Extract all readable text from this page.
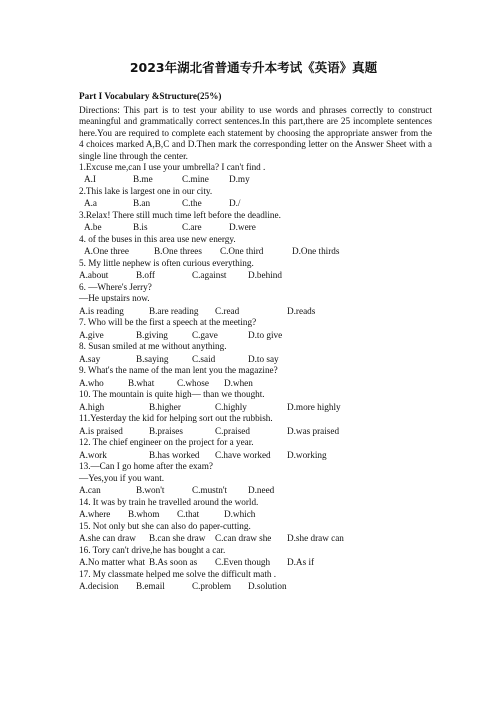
2023年湖北省普通专升本考试《英语》真题
Part I Vocabulary &Structure(25%)
Directions: This part is to test your ability to use words and phrases correctly to construct meaningful and grammatically correct sentences.In this part,there are 25 incomplete sentences here.You are required to complete each statement by choosing the appropriate answer from the 4 choices marked A,B,C and D.Then mark the corresponding letter on the Answer Sheet with a single line through the center.
1.Excuse me,can I use your umbrella? I can't find .
A.I	B.me	C.mine	D.my
2.This lake is largest one in our city.
A.a	B.an	C.the	D./
3.Relax! There still much time left before the deadline.
A.be	B.is	C.are	D.were
4. of the buses in this area use new energy.
A.One three	B.One threes	C.One third	D.One thirds
5. My little nephew is often curious everything.
A.about	B.off	C.against	D.behind
6. —Where's Jerry?
—He upstairs now.
A.is reading	B.are reading	C.read	D.reads
7. Who will be the first a speech at the meeting?
A.give	B.giving	C.gave	D.to give
8. Susan smiled at me without anything.
A.say	B.saying	C.said	D.to say
9. What's the name of the man lent you the magazine?
A.who	B.what	C.whose	D.when
10. The mountain is quite high— than we thought.
A.high	B.higher	C.highly	D.more highly
11.Yesterday the kid for helping sort out the rubbish.
A.is praised	B.praises	C.praised	D.was praised
12. The chief engineer on the project for a year.
A.work	B.has worked	C.have worked	D.working
13.—Can I go home after the exam?
—Yes,you if you want.
A.can	B.won't	C.mustn't	D.need
14. It was by train he travelled around the world.
A.where	B.whom	C.that	D.which
15. Not only but she can also do paper-cutting.
A.she can draw	B.can she draw	C.can draw she	D.she draw can
16. Tory can't drive,he has bought a car.
A.No matter what B.As soon as	C.Even though	D.As if
17. My classmate helped me solve the difficult math .
A.decision	B.email	C.problem	D.solution
